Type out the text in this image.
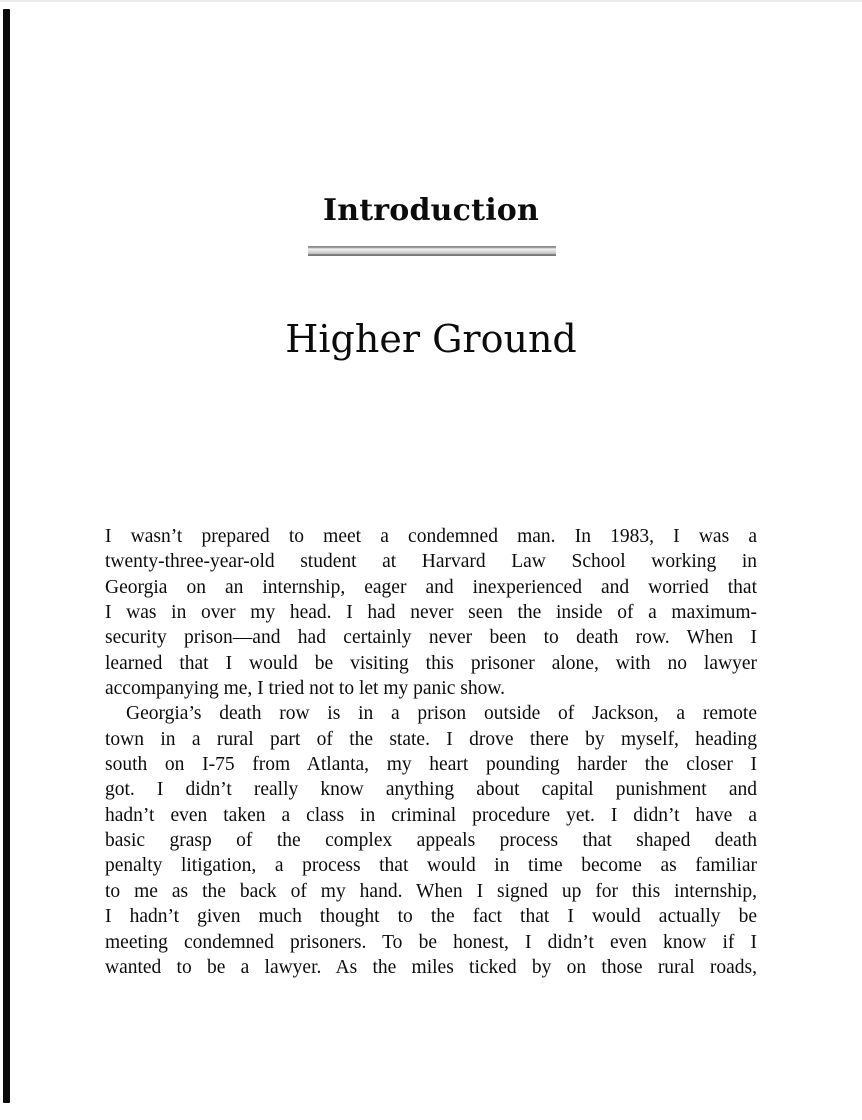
Introduction
Higher Ground
I wasn’t prepared to meet a condemned man. In 1983, I was a
twenty-three-year-old student at Harvard Law School working in
Georgia on an internship, eager and inexperienced and worried that
I was in over my head. I had never seen the inside of a maximum-
security prison—and had certainly never been to death row. When I
learned that I would be visiting this prisoner alone, with no lawyer
accompanying me, I tried not to let my panic show.
Georgia’s death row is in a prison outside of Jackson, a remote
town in a rural part of the state. I drove there by myself, heading
south on I-75 from Atlanta, my heart pounding harder the closer I
got. I didn’t really know anything about capital punishment and
hadn’t even taken a class in criminal procedure yet. I didn’t have a
basic grasp of the complex appeals process that shaped death
penalty litigation, a process that would in time become as familiar
to me as the back of my hand. When I signed up for this internship,
I hadn’t given much thought to the fact that I would actually be
meeting condemned prisoners. To be honest, I didn’t even know if I
wanted to be a lawyer. As the miles ticked by on those rural roads,
